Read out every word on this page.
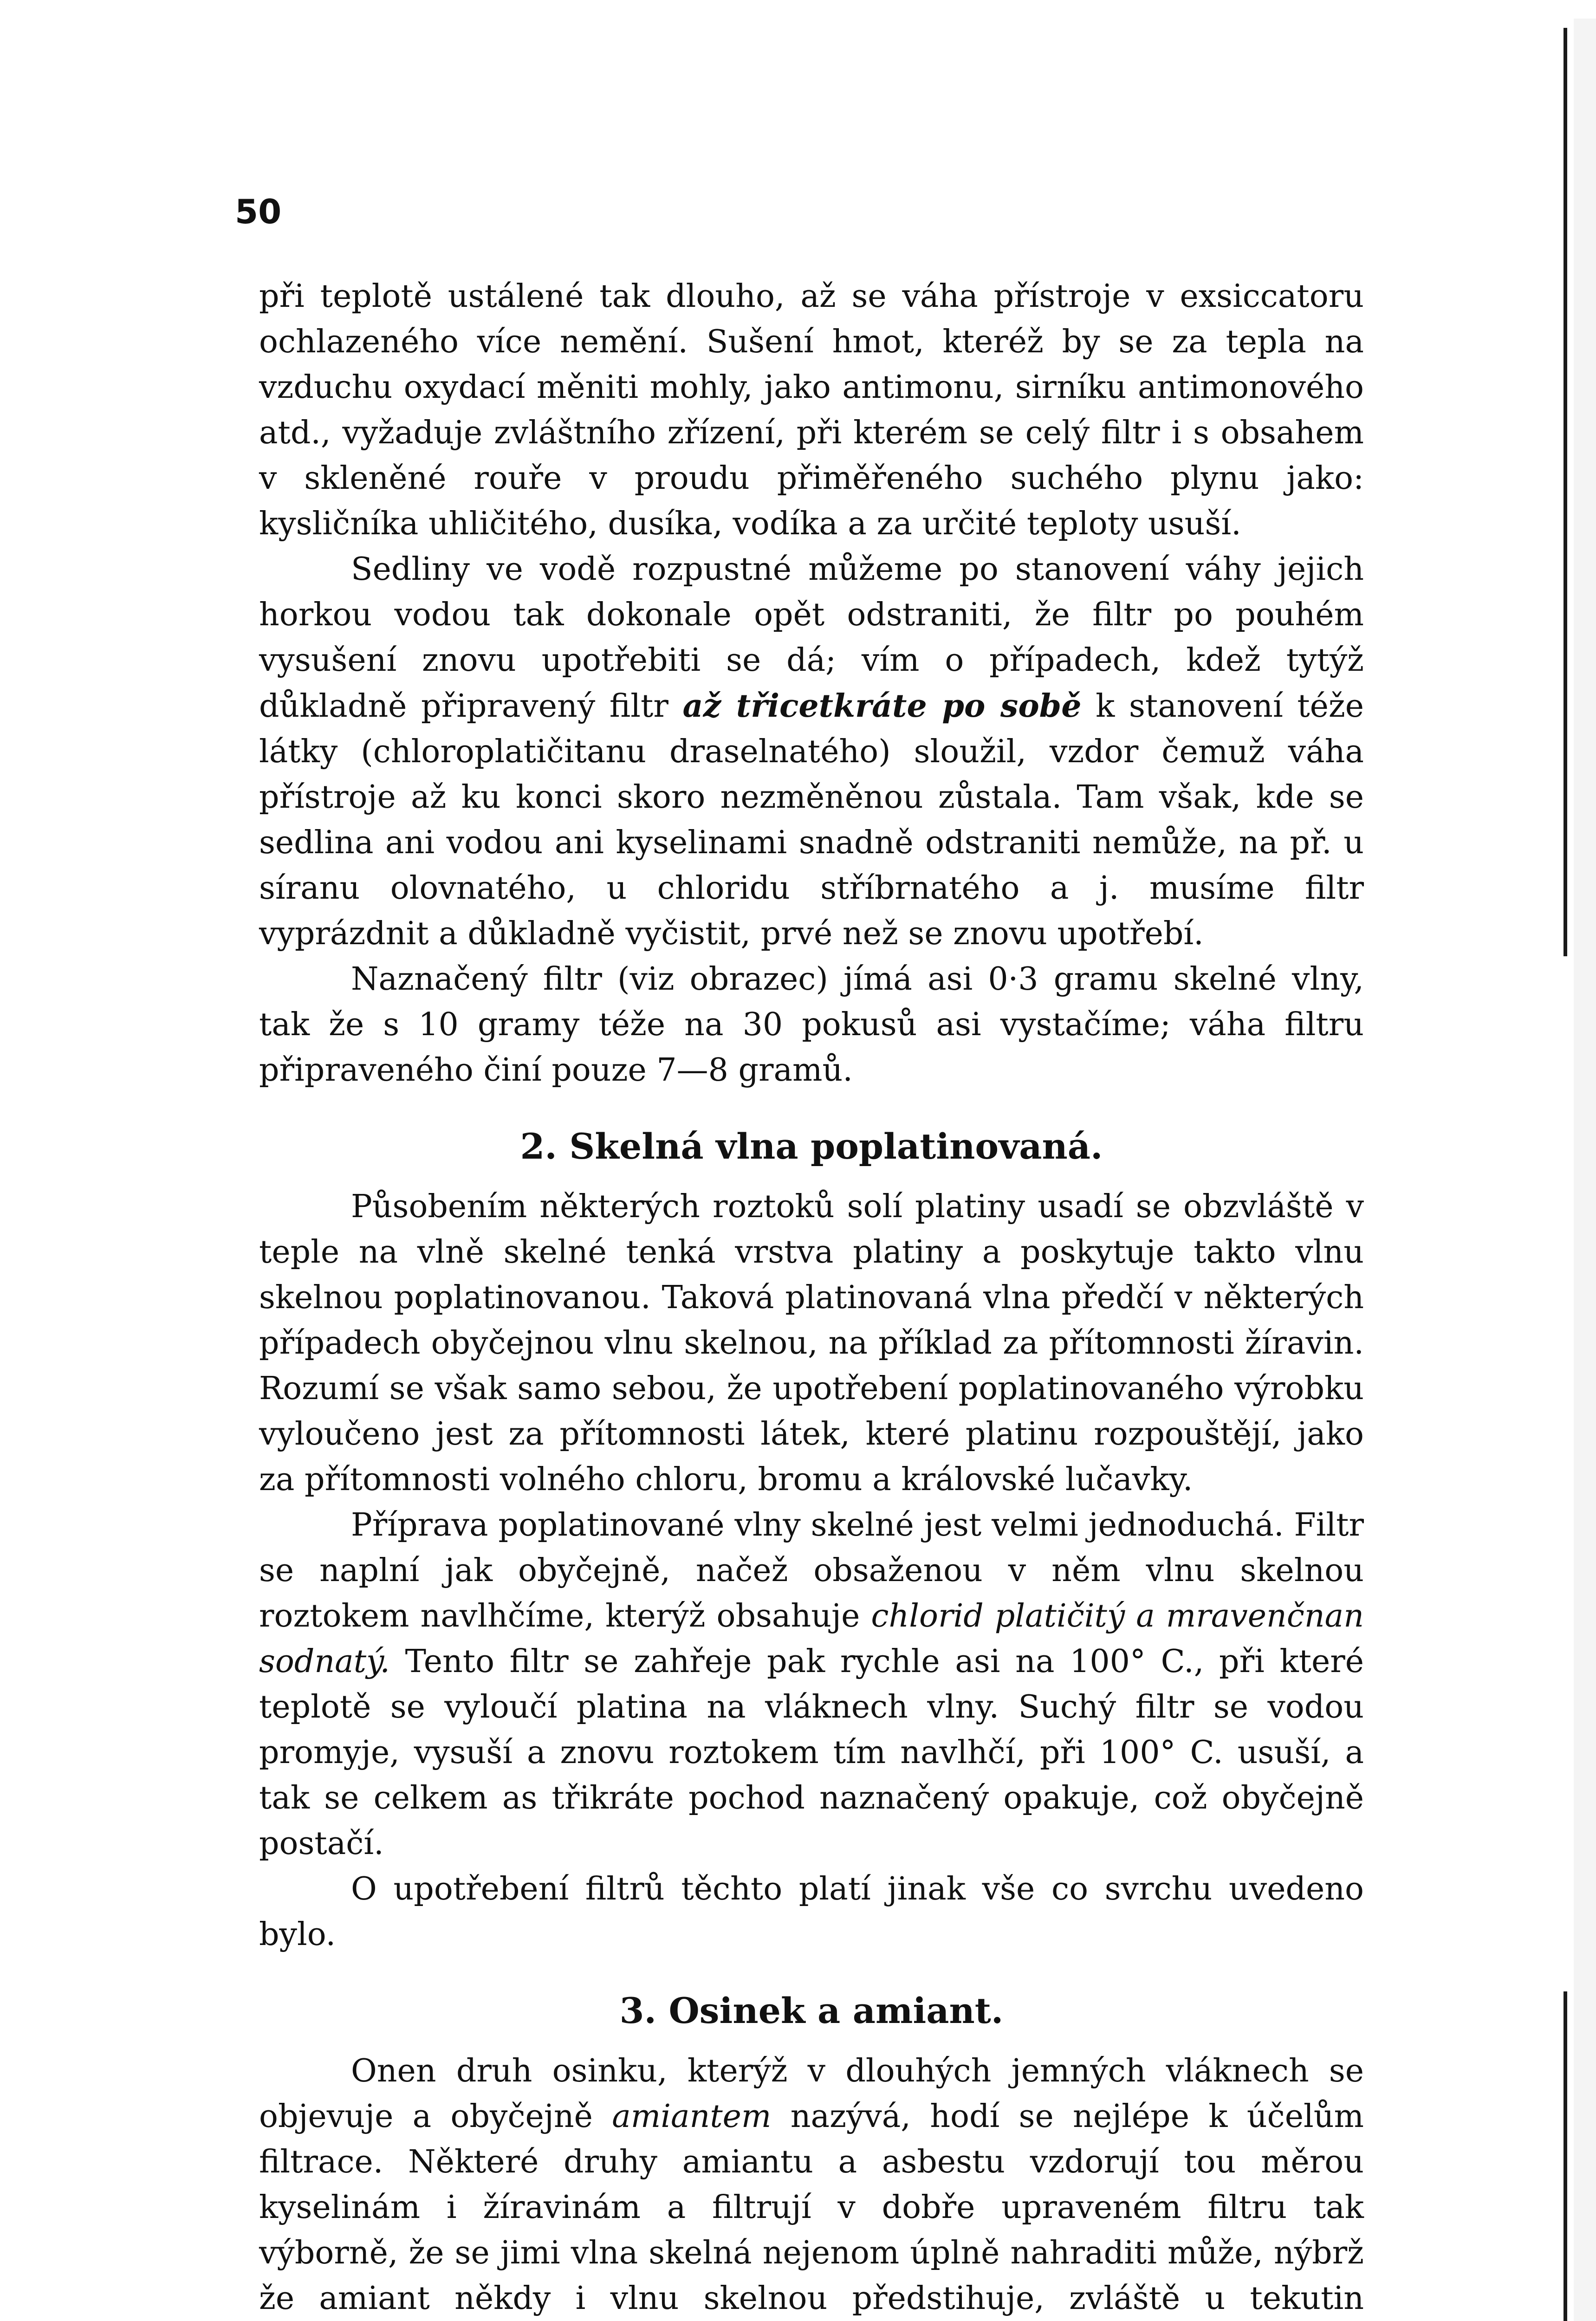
50

při teplotě ustálené tak dlouho, až se váha přístroje v exsiccatoru ochlazeného více nemění. Sušení hmot, kteréž by se za tepla na vzduchu oxydací měniti mohly, jako antimonu, sirníku antimonového atd., vyžaduje zvláštního zřízení, při kterém se celý filtr i s obsahem v skleněné rouře v proudu přiměřeného suchého plynu jako: kysličníka uhličitého, dusíka, vodíka a za určité teploty usuší.

Sedliny ve vodě rozpustné můžeme po stanovení váhy jejich horkou vodou tak dokonale opět odstraniti, že filtr po pouhém vysušení znovu upotřebiti se dá; vím o případech, kdež tytýž důkladně připravený filtr až třicetkráte po sobě k stanovení téže látky (chloroplatičitanu draselnatého) sloužil, vzdor čemuž váha přístroje až ku konci skoro nezměněnou zůstala. Tam však, kde se sedlina ani vodou ani kyselinami snadně odstraniti nemůže, na př. u síranu olovnatého, u chloridu stříbrnatého a j. musíme filtr vyprázdnit a důkladně vyčistit, prvé než se znovu upotřebí.

Naznačený filtr (viz obrazec) jímá asi 0·3 gramu skelné vlny, tak že s 10 gramy téže na 30 pokusů asi vystačíme; váha filtru připraveného činí pouze 7—8 gramů.

2. Skelná vlna poplatinovaná.

Působením některých roztoků solí platiny usadí se obzvláště v teple na vlně skelné tenká vrstva platiny a poskytuje takto vlnu skelnou poplatinovanou. Taková platinovaná vlna předčí v některých případech obyčejnou vlnu skelnou, na příklad za přítomnosti žíravin. Rozumí se však samo sebou, že upotřebení poplatinovaného výrobku vyloučeno jest za přítomnosti látek, které platinu rozpouštějí, jako za přítomnosti volného chloru, bromu a královské lučavky.

Příprava poplatinované vlny skelné jest velmi jednoduchá. Filtr se naplní jak obyčejně, načež obsaženou v něm vlnu skelnou roztokem navlhčíme, kterýž obsahuje chlorid platičitý a mravenčnan sodnatý. Tento filtr se zahřeje pak rychle asi na 100° C., při které teplotě se vyloučí platina na vláknech vlny. Suchý filtr se vodou promyje, vysuší a znovu roztokem tím navlhčí, při 100° C. usuší, a tak se celkem as třikráte pochod naznačený opakuje, což obyčejně postačí.

O upotřebení filtrů těchto platí jinak vše co svrchu uvedeno bylo.

3. Osinek a amiant.

Onen druh osinku, kterýž v dlouhých jemných vláknech se objevuje a obyčejně amiantem nazývá, hodí se nejlépe k účelům filtrace. Některé druhy amiantu a asbestu vzdorují tou měrou kyselinám i žíravinám a filtrují v dobře upraveném filtru tak výborně, že se jimi vlna skelná nejenom úplně nahraditi může, nýbrž že amiant někdy i vlnu skelnou předstihuje, zvláště u tekutin
